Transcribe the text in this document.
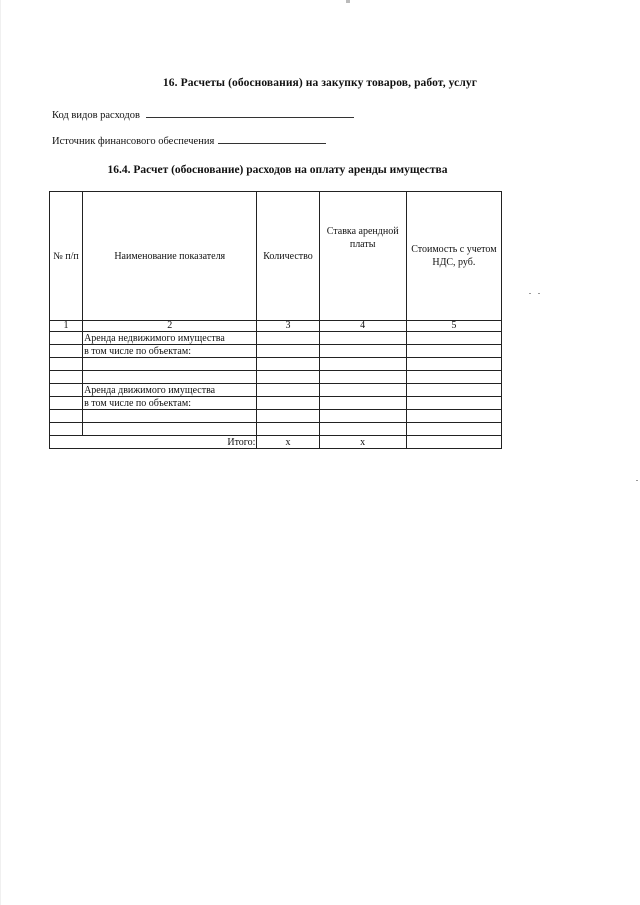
16. Расчеты (обоснования) на закупку товаров, работ, услуг
Код видов расходов
Источник финансового обеспечения
16.4. Расчет (обоснование) расходов на оплату аренды имущества
№ п/п	Наименование показателя	Количество	Ставка арендной платы	Стоимость с учетом НДС, руб.
1	2	3	4	5
	Аренда недвижимого имущества			
	в том числе по объектам:			

	Аренда движимого имущества			
	в том числе по объектам:			

Итого:		x	x	
